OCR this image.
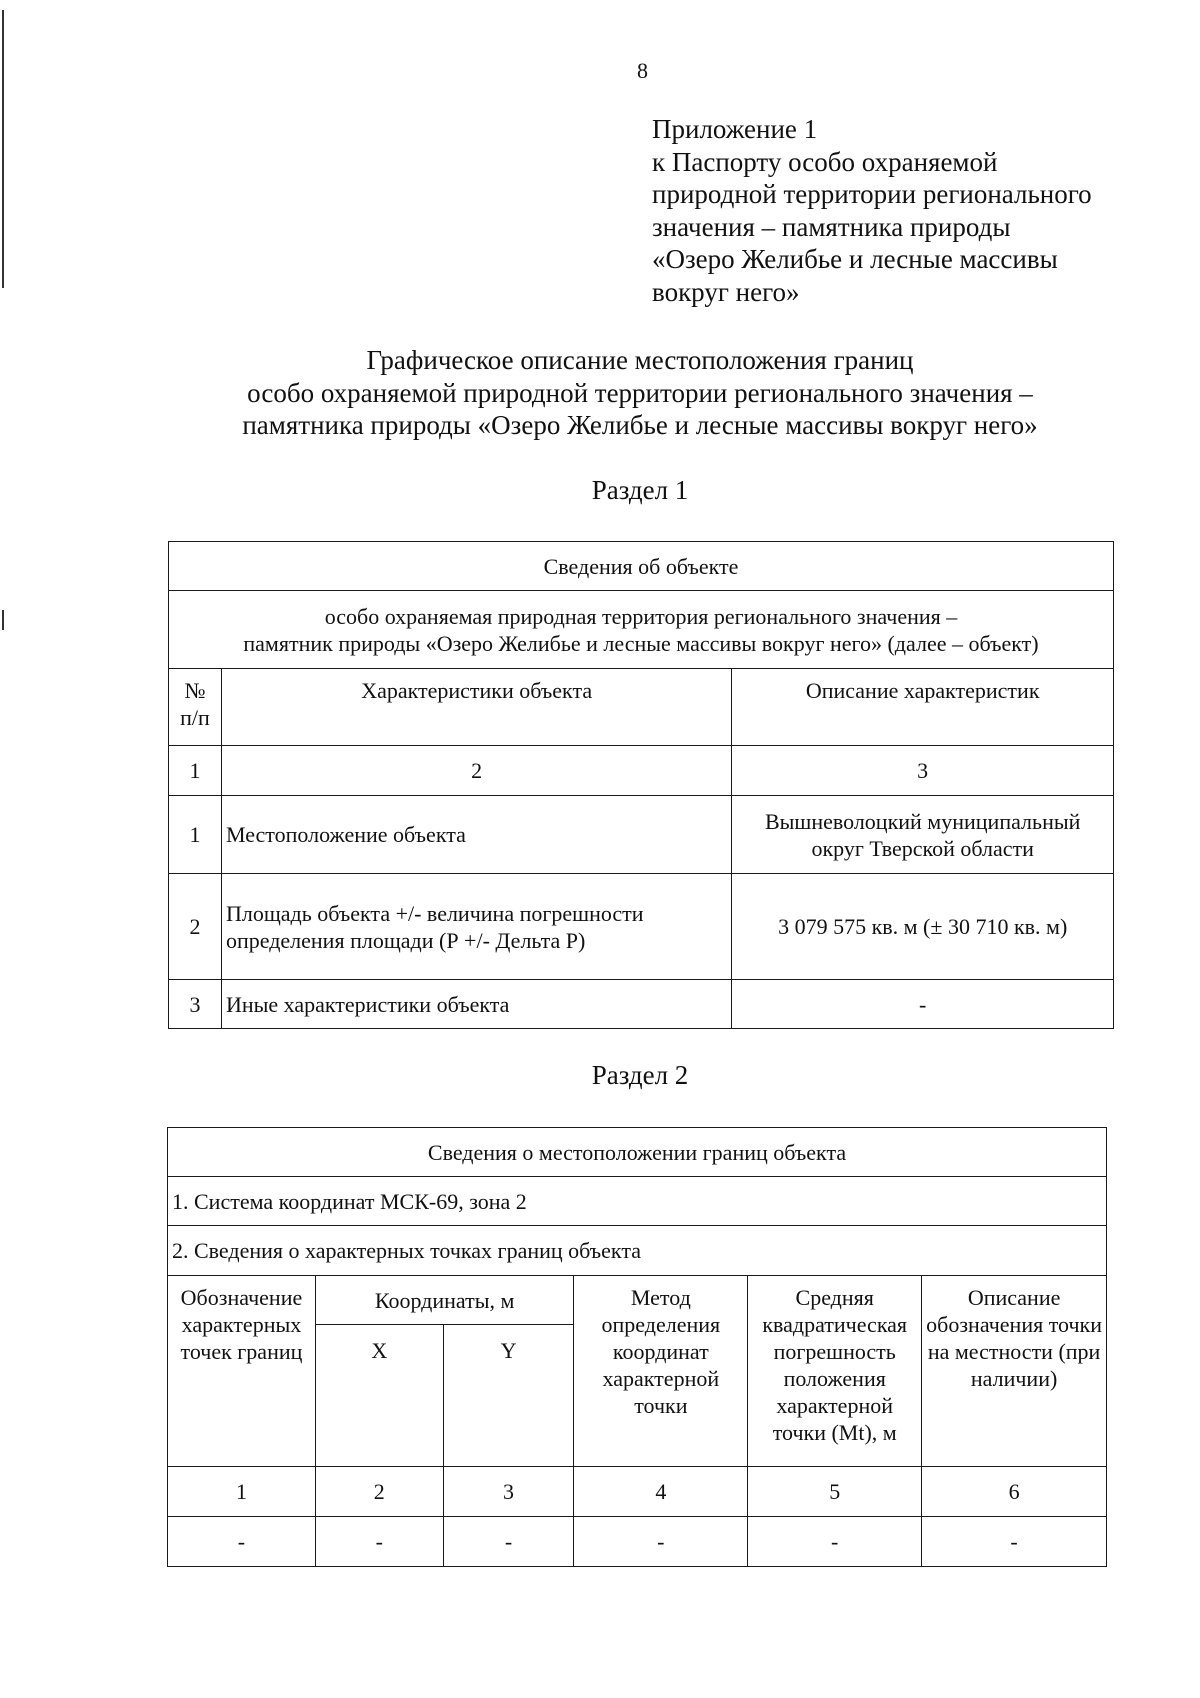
8
Приложение 1
к Паспорту особо охраняемой
природной территории регионального
значения – памятника природы
«Озеро Желибье и лесные массивы
вокруг него»
Графическое описание местоположения границ
особо охраняемой природной территории регионального значения –
памятника природы «Озеро Желибье и лесные массивы вокруг него»
Раздел 1
Сведения об объекте		

особо охраняемая природная территория регионального значения –
памятник природы «Озеро Желибье и лесные массивы вокруг него» (далее – объект)		

№ п/п	Характеристики объекта	Описание характеристик
1	2	3
1	Местоположение объекта	Вышневолоцкий муниципальный округ Тверской области
2	Площадь объекта +/- величина погрешности определения площади (Р +/- Дельта Р)	3 079 575 кв. м (± 30 710 кв. м)
3	Иные характеристики объекта	-
Раздел 2
Сведения о местоположении границ объекта					
1. Система координат МСК-69, зона 2					
2. Сведения о характерных точках границ объекта					
Обозначение характерных точек границ	Координаты, м		Метод определения координат характерной точки	Средняя квадратическая погрешность положения характерной точки (Mt), м	Описание обозначения точки на местности (при наличии)
	X	Y			
1	2	3	4	5	6
-	-	-	-	-	-
